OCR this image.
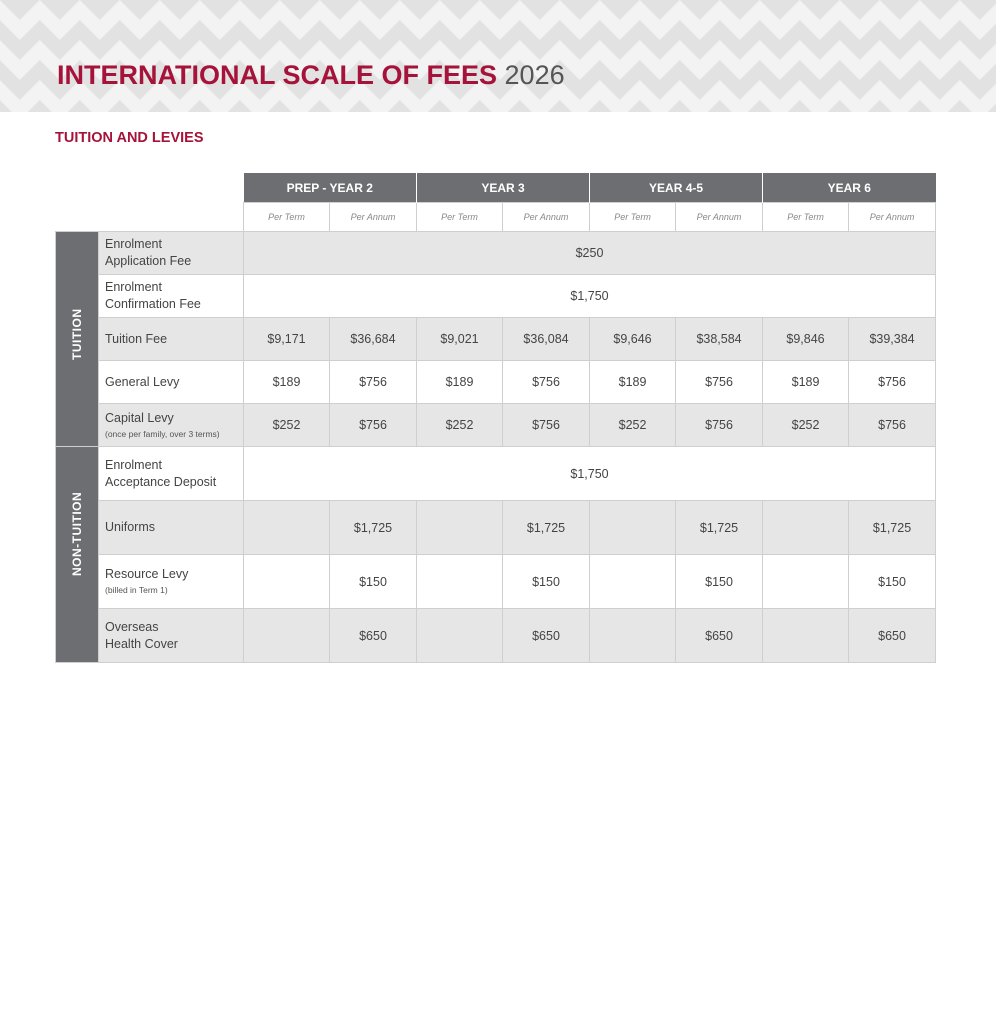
INTERNATIONAL SCALE OF FEES 2026
TUITION AND LEVIES
		PREP - YEAR 2		YEAR 3		YEAR 4-5		YEAR 6	
		Per Term	Per Annum	Per Term	Per Annum	Per Term	Per Annum	Per Term	Per Annum

TUITION	Enrolment
Application Fee	$250							

	Enrolment
Confirmation Fee	$1,750							
	Tuition Fee	$9,171	$36,684	$9,021	$36,084	$9,646	$38,584	$9,846	$39,384
	General Levy	$189	$756	$189	$756	$189	$756	$189	$756

	Capital Levy
(once per family, over 3 terms)	$252	$756	$252	$756	$252	$756	$252	$756

NON-TUITION	Enrolment
Acceptance Deposit	$1,750							
	Uniforms		$1,725		$1,725		$1,725		$1,725

	Resource Levy
(billed in Term 1)		$150		$150		$150		$150

	Overseas
Health Cover		$650		$650		$650		$650
